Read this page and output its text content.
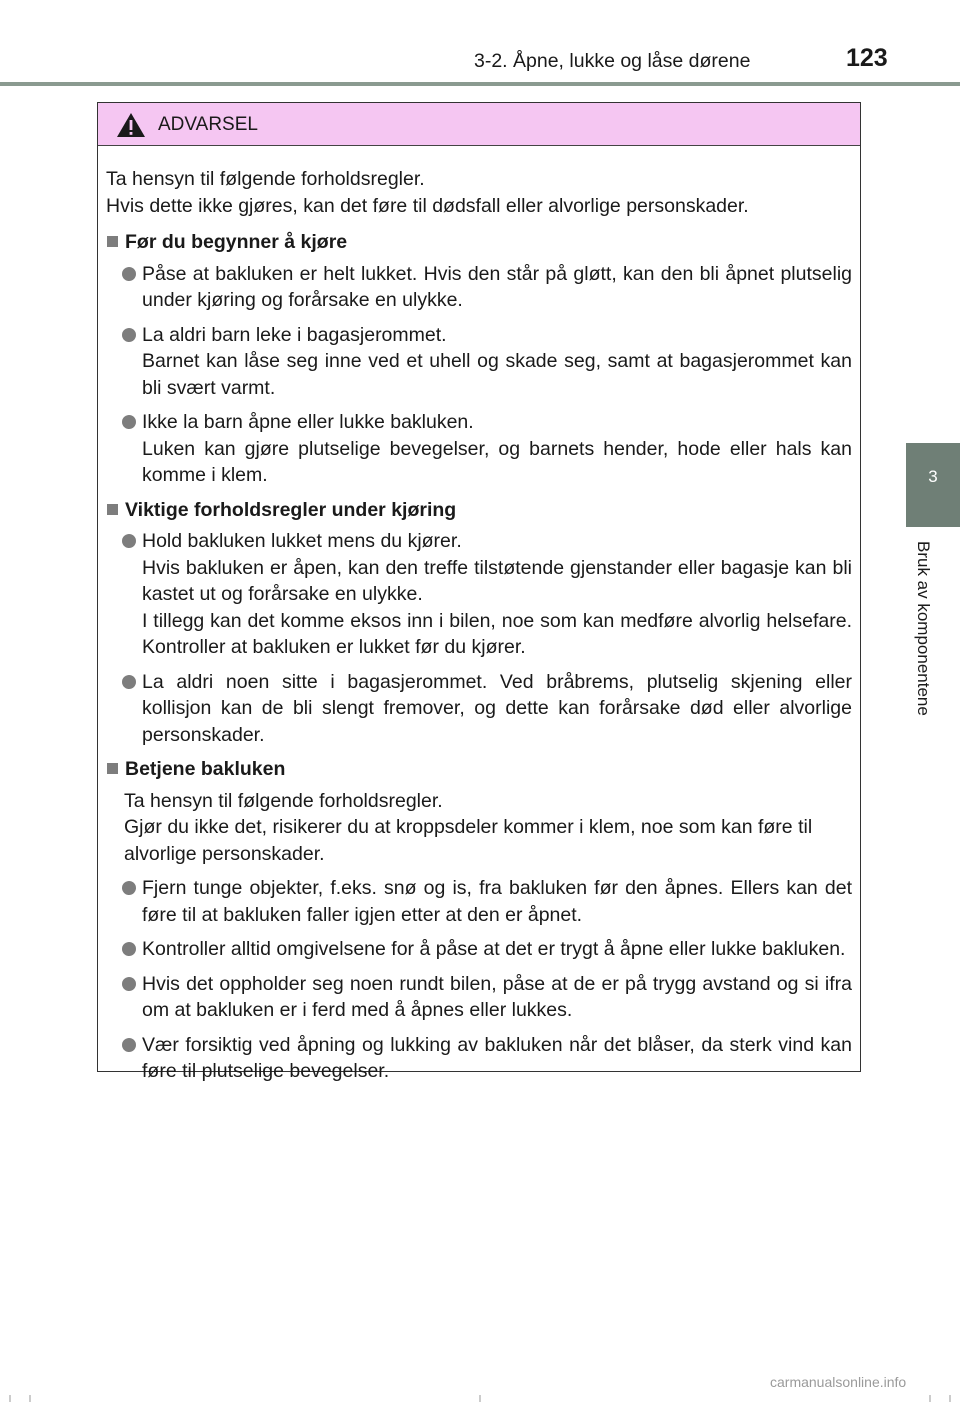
3-2. Åpne, lukke og låse dørene	123
3
Bruk av komponentene
ADVARSEL
Ta hensyn til følgende forholdsregler.
Hvis dette ikke gjøres, kan det føre til dødsfall eller alvorlige personskader.
Før du begynner å kjøre
Påse at bakluken er helt lukket. Hvis den står på gløtt, kan den bli åpnet plutselig under kjøring og forårsake en ulykke.
La aldri barn leke i bagasjerommet.
Barnet kan låse seg inne ved et uhell og skade seg, samt at bagasjerommet kan bli svært varmt.
Ikke la barn åpne eller lukke bakluken.
Luken kan gjøre plutselige bevegelser, og barnets hender, hode eller hals kan komme i klem.
Viktige forholdsregler under kjøring
Hold bakluken lukket mens du kjører.
Hvis bakluken er åpen, kan den treffe tilstøtende gjenstander eller bagasje kan bli kastet ut og forårsake en ulykke.
I tillegg kan det komme eksos inn i bilen, noe som kan medføre alvorlig helsefare. Kontroller at bakluken er lukket før du kjører.
La aldri noen sitte i bagasjerommet. Ved bråbrems, plutselig skjening eller kollisjon kan de bli slengt fremover, og dette kan forårsake død eller alvorlige personskader.
Betjene bakluken
Ta hensyn til følgende forholdsregler.
Gjør du ikke det, risikerer du at kroppsdeler kommer i klem, noe som kan føre til alvorlige personskader.
Fjern tunge objekter, f.eks. snø og is, fra bakluken før den åpnes. Ellers kan det føre til at bakluken faller igjen etter at den er åpnet.
Kontroller alltid omgivelsene for å påse at det er trygt å åpne eller lukke bakluken.
Hvis det oppholder seg noen rundt bilen, påse at de er på trygg avstand og si ifra om at bakluken er i ferd med å åpnes eller lukkes.
Vær forsiktig ved åpning og lukking av bakluken når det blåser, da sterk vind kan føre til plutselige bevegelser.
carmanualsonline.info
